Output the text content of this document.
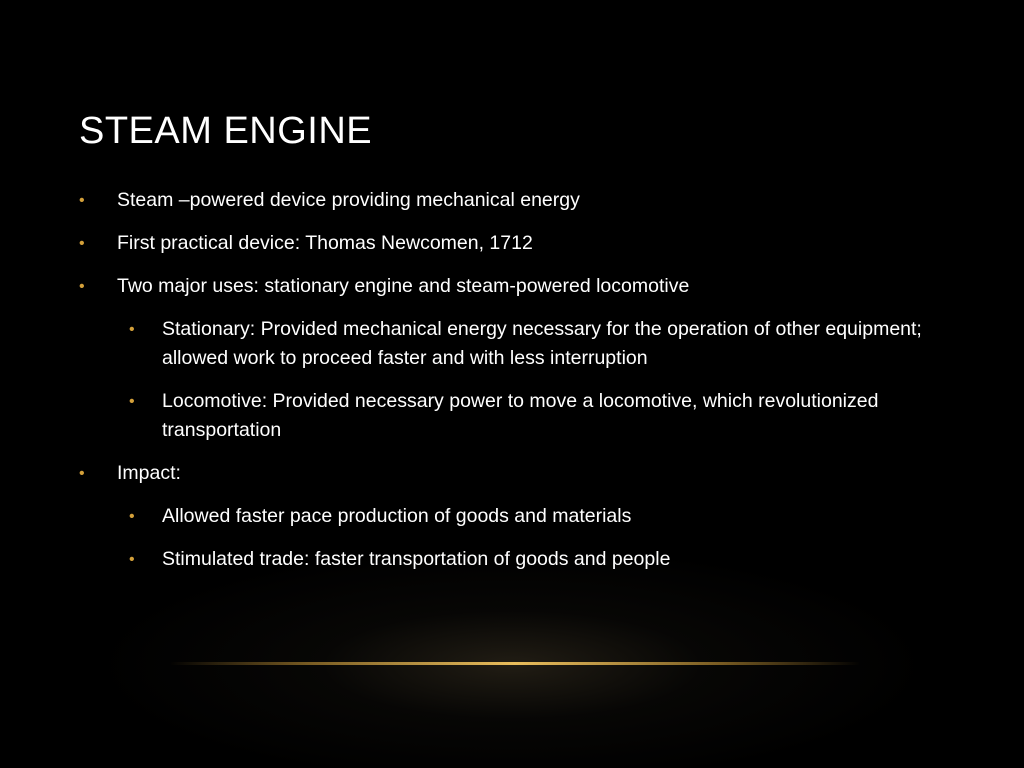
STEAM ENGINE
• Steam –powered device providing mechanical energy
• First practical device: Thomas Newcomen, 1712
• Two major uses: stationary engine and steam-powered locomotive
• Stationary: Provided mechanical energy necessary for the operation of other equipment; allowed work to proceed faster and with less interruption
• Locomotive: Provided necessary power to move a locomotive, which revolutionized transportation
• Impact:
• Allowed faster pace production of goods and materials
• Stimulated trade: faster transportation of goods and people
